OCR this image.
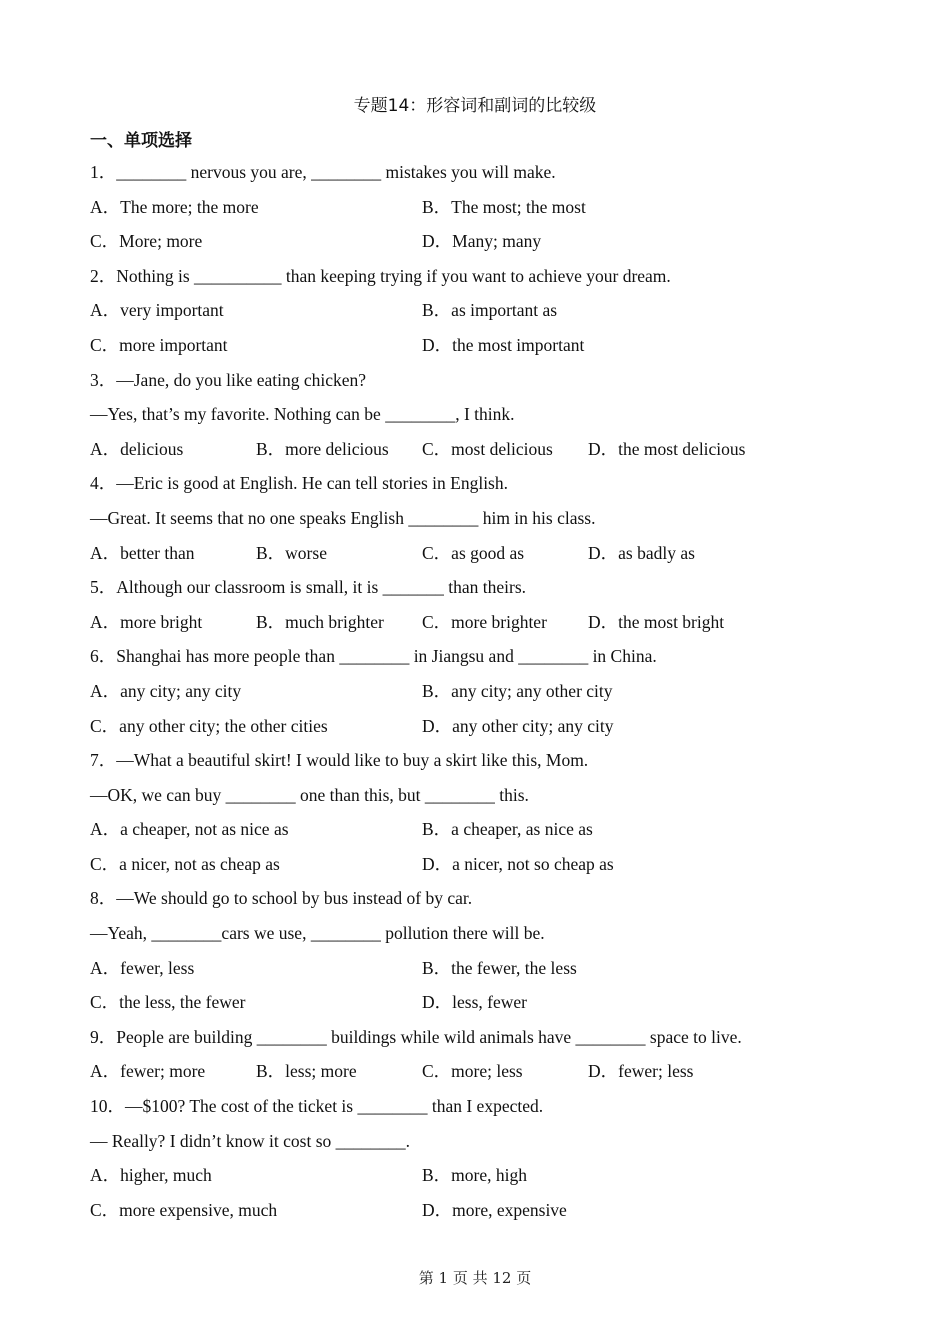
专题14：形容词和副词的比较级
一、单项选择
1．________ nervous you are, ________ mistakes you will make.
A．The more; the more	B．The most; the most
C．More; more	D．Many; many
2．Nothing is __________ than keeping trying if you want to achieve your dream.
A．very important	B．as important as
C．more important	D．the most important
3．—Jane, do you like eating chicken?
—Yes, that’s my favorite. Nothing can be ________, I think.
A．delicious	B．more delicious C．most delicious D．the most delicious
4．—Eric is good at English. He can tell stories in English.
—Great. It seems that no one speaks English ________ him in his class.
A．better than	B．worse	C．as good as	D．as badly as
5．Although our classroom is small, it is _______ than theirs.
A．more bright	B．much brighter C．more brighter D．the most bright
6．Shanghai has more people than ________ in Jiangsu and ________ in China.
A．any city; any city	B．any city; any other city
C．any other city; the other cities	D．any other city; any city
7．—What a beautiful skirt! I would like to buy a skirt like this, Mom.
—OK, we can buy ________ one than this, but ________ this.
A．a cheaper, not as nice as	B．a cheaper, as nice as
C．a nicer, not as cheap as	D．a nicer, not so cheap as
8．—We should go to school by bus instead of by car.
—Yeah, ________cars we use, ________ pollution there will be.
A．fewer, less	B．the fewer, the less
C．the less, the fewer	D．less, fewer
9．People are building ________ buildings while wild animals have ________ space to live.
A．fewer; more	B．less; more	C．more; less	D．fewer; less
10．—$100? The cost of the ticket is ________ than I expected.
— Really? I didn’t know it cost so ________.
A．higher, much	B．more, high
C．more expensive, much	D．more, expensive
第 1 页 共 12 页
